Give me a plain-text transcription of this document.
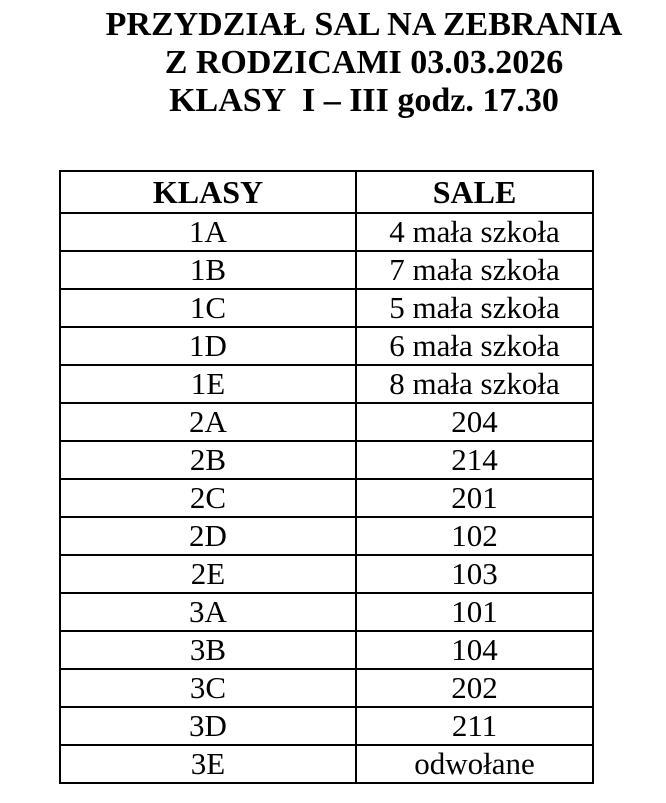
PRZYDZIAŁ SAL NA ZEBRANIA
Z RODZICAMI 03.03.2026
KLASY  I – III godz. 17.30
KLASY	SALE
1A	4 mała szkoła
1B	7 mała szkoła
1C	5 mała szkoła
1D	6 mała szkoła
1E	8 mała szkoła
2A	204
2B	214
2C	201
2D	102
2E	103
3A	101
3B	104
3C	202
3D	211
3E	odwołane
